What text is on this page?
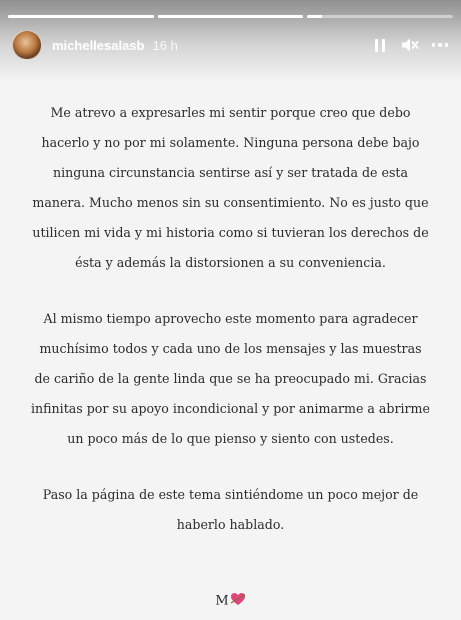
michellesalasb 16 h

Me atrevo a expresarles mi sentir porque creo que debo hacerlo y no por mi solamente. Ninguna persona debe bajo ninguna circunstancia sentirse así y ser tratada de esta manera. Mucho menos sin su consentimiento. No es justo que utilicen mi vida y mi historia como si tuvieran los derechos de ésta y además la distorsionen a su conveniencia.

Al mismo tiempo aprovecho este momento para agradecer muchísimo todos y cada uno de los mensajes y las muestras de cariño de la gente linda que se ha preocupado mi. Gracias infinitas por su apoyo incondicional y por animarme a abrirme un poco más de lo que pienso y siento con ustedes.

Paso la página de este tema sintiéndome un poco mejor de haberlo hablado.

M
